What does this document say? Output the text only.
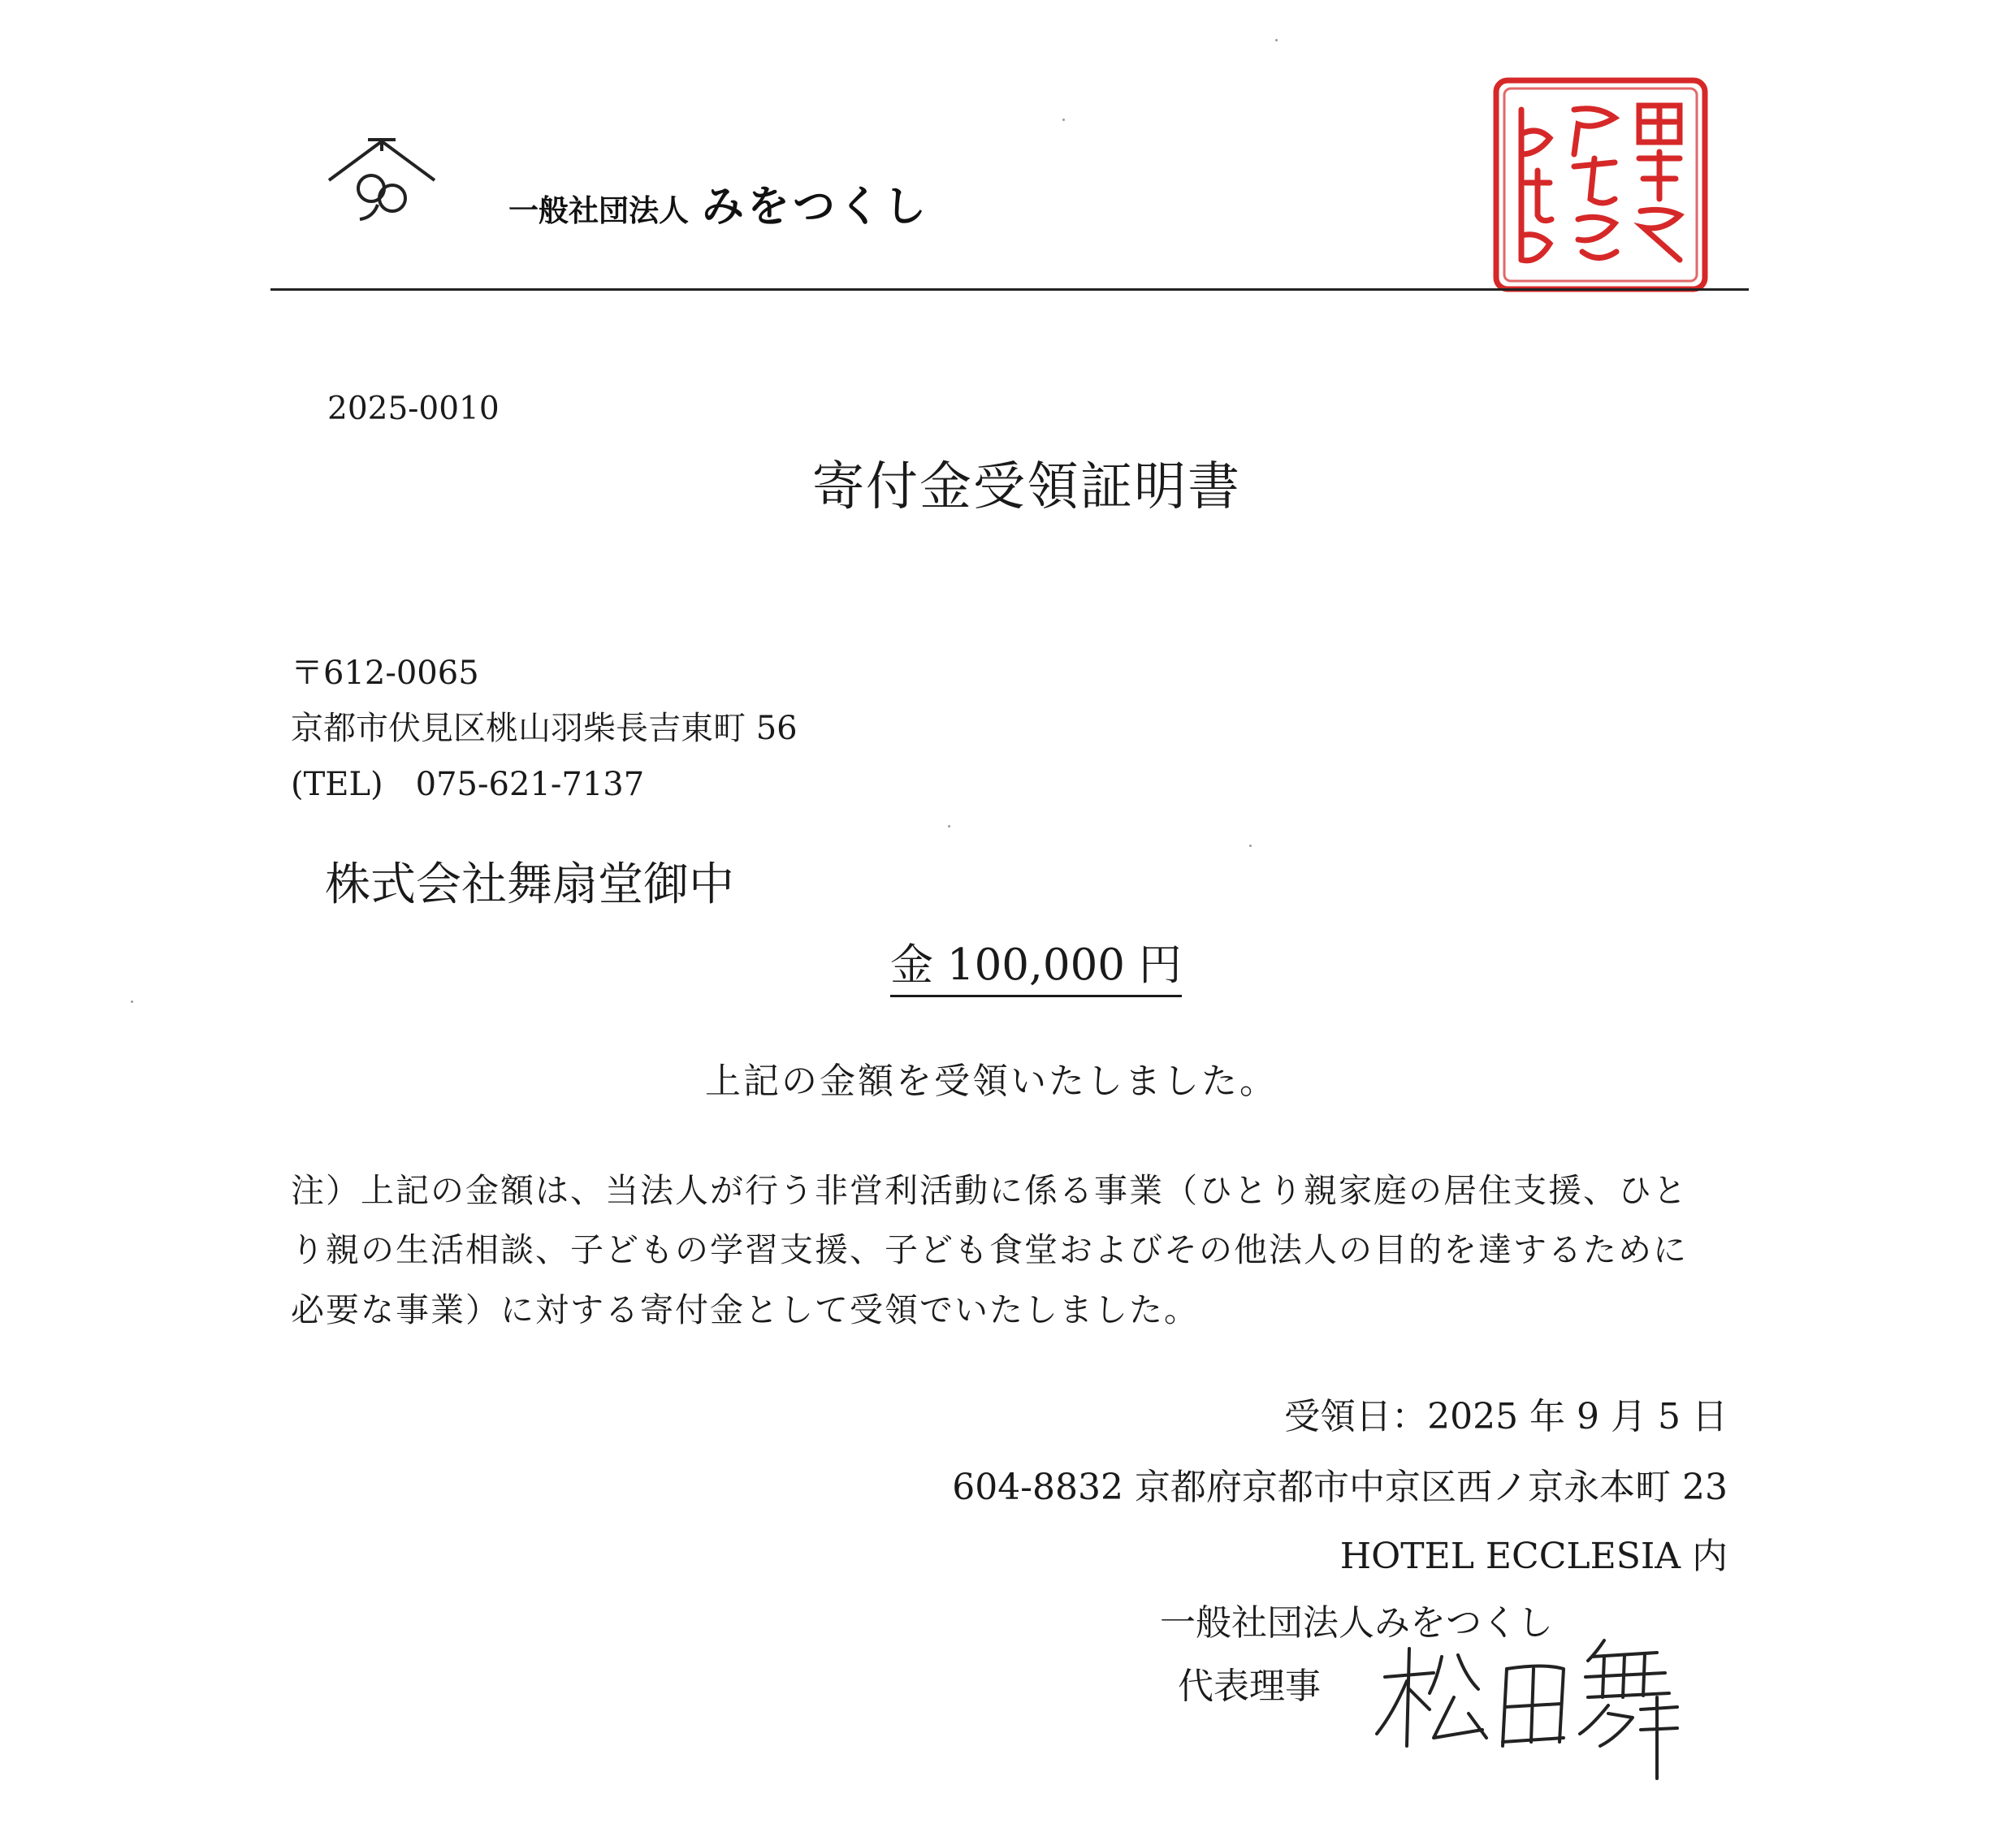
一般社団法人 みをつくし
2025-0010
寄付金受領証明書
〒612-0065
京都市伏見区桃山羽柴長吉東町 56
(TEL)　075-621-7137
株式会社舞扇堂御中
金 100,000 円
上記の金額を受領いたしました。
注）上記の金額は、当法人が行う非営利活動に係る事業（ひとり親家庭の居住支援、ひと
り親の生活相談、子どもの学習支援、子ども食堂およびその他法人の目的を達するために
必要な事業）に対する寄付金として受領でいたしました。
受領日：2025 年 9 月 5 日
604-8832 京都府京都市中京区西ノ京永本町 23
HOTEL ECCLESIA 内
一般社団法人みをつくし
代表理事
